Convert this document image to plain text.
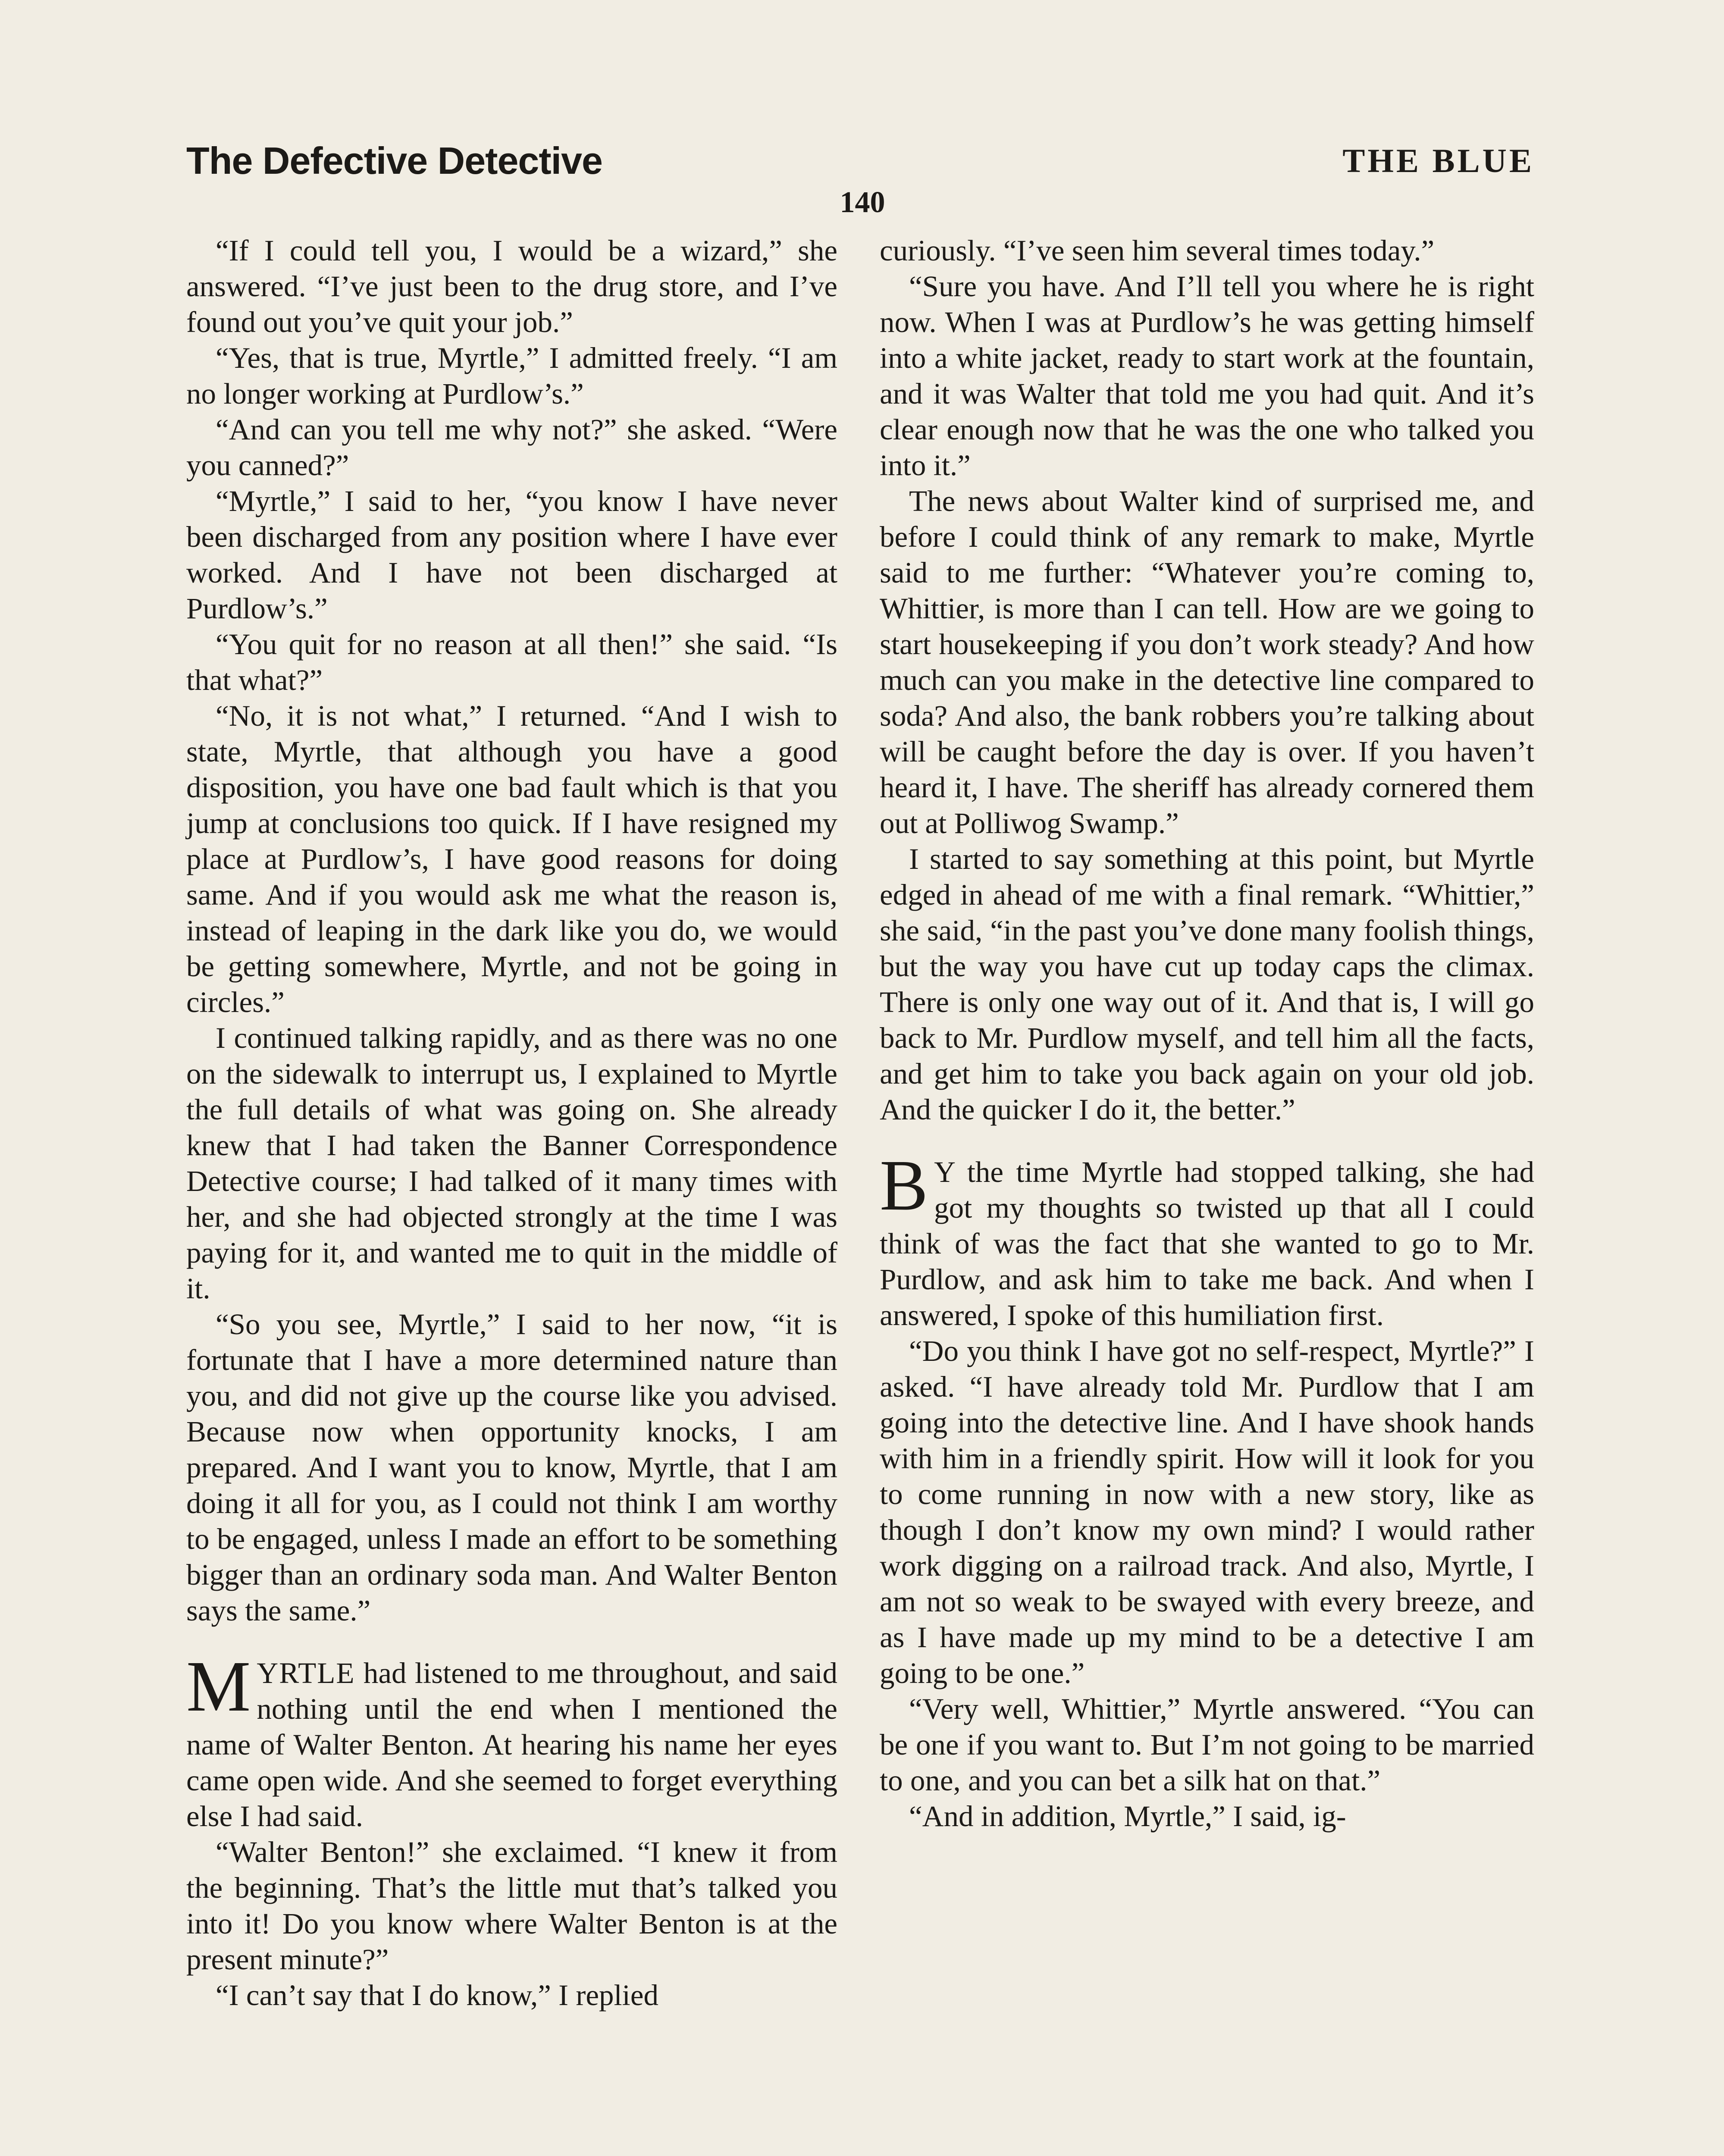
The Defective Detective	THE BLUE
140

“If I could tell you, I would be a wizard,” she answered. “I’ve just been to the drug store, and I’ve found out you’ve quit your job.”

“Yes, that is true, Myrtle,” I admitted freely. “I am no longer working at Purdlow’s.”

“And can you tell me why not?” she asked. “Were you canned?”

“Myrtle,” I said to her, “you know I have never been discharged from any position where I have ever worked. And I have not been discharged at Purdlow’s.”

“You quit for no reason at all then!” she said. “Is that what?”

“No, it is not what,” I returned. “And I wish to state, Myrtle, that although you have a good disposition, you have one bad fault which is that you jump at conclusions too quick. If I have resigned my place at Purdlow’s, I have good reasons for doing same. And if you would ask me what the reason is, instead of leaping in the dark like you do, we would be getting somewhere, Myrtle, and not be going in circles.”

I continued talking rapidly, and as there was no one on the sidewalk to interrupt us, I explained to Myrtle the full details of what was going on. She already knew that I had taken the Banner Correspondence Detective course; I had talked of it many times with her, and she had objected strongly at the time I was paying for it, and wanted me to quit in the middle of it.

“So you see, Myrtle,” I said to her now, “it is fortunate that I have a more determined nature than you, and did not give up the course like you advised. Because now when opportunity knocks, I am prepared. And I want you to know, Myrtle, that I am doing it all for you, as I could not think I am worthy to be engaged, unless I made an effort to be something bigger than an ordinary soda man. And Walter Benton says the same.”

MYRTLE had listened to me throughout, and said nothing until the end when I mentioned the name of Walter Benton. At hearing his name her eyes came open wide. And she seemed to forget everything else I had said.

“Walter Benton!” she exclaimed. “I knew it from the beginning. That’s the little mut that’s talked you into it! Do you know where Walter Benton is at the present minute?”

“I can’t say that I do know,” I replied

curiously. “I’ve seen him several times today.”

“Sure you have. And I’ll tell you where he is right now. When I was at Purdlow’s he was getting himself into a white jacket, ready to start work at the fountain, and it was Walter that told me you had quit. And it’s clear enough now that he was the one who talked you into it.”

The news about Walter kind of surprised me, and before I could think of any remark to make, Myrtle said to me further: “Whatever you’re coming to, Whittier, is more than I can tell. How are we going to start housekeeping if you don’t work steady? And how much can you make in the detective line compared to soda? And also, the bank robbers you’re talking about will be caught before the day is over. If you haven’t heard it, I have. The sheriff has already cornered them out at Polliwog Swamp.”

I started to say something at this point, but Myrtle edged in ahead of me with a final remark. “Whittier,” she said, “in the past you’ve done many foolish things, but the way you have cut up today caps the climax. There is only one way out of it. And that is, I will go back to Mr. Purdlow myself, and tell him all the facts, and get him to take you back again on your old job. And the quicker I do it, the better.”

B Y the time Myrtle had stopped talking, she had got my thoughts so twisted up that all I could think of was the fact that she wanted to go to Mr. Purdlow, and ask him to take me back. And when I answered, I spoke of this humiliation first.

“Do you think I have got no self-respect, Myrtle?” I asked. “I have already told Mr. Purdlow that I am going into the detective line. And I have shook hands with him in a friendly spirit. How will it look for you to come running in now with a new story, like as though I don’t know my own mind? I would rather work digging on a railroad track. And also, Myrtle, I am not so weak to be swayed with every breeze, and as I have made up my mind to be a detective I am going to be one.”

“Very well, Whittier,” Myrtle answered. “You can be one if you want to. But I’m not going to be married to one, and you can bet a silk hat on that.”

“And in addition, Myrtle,” I said, ig-
